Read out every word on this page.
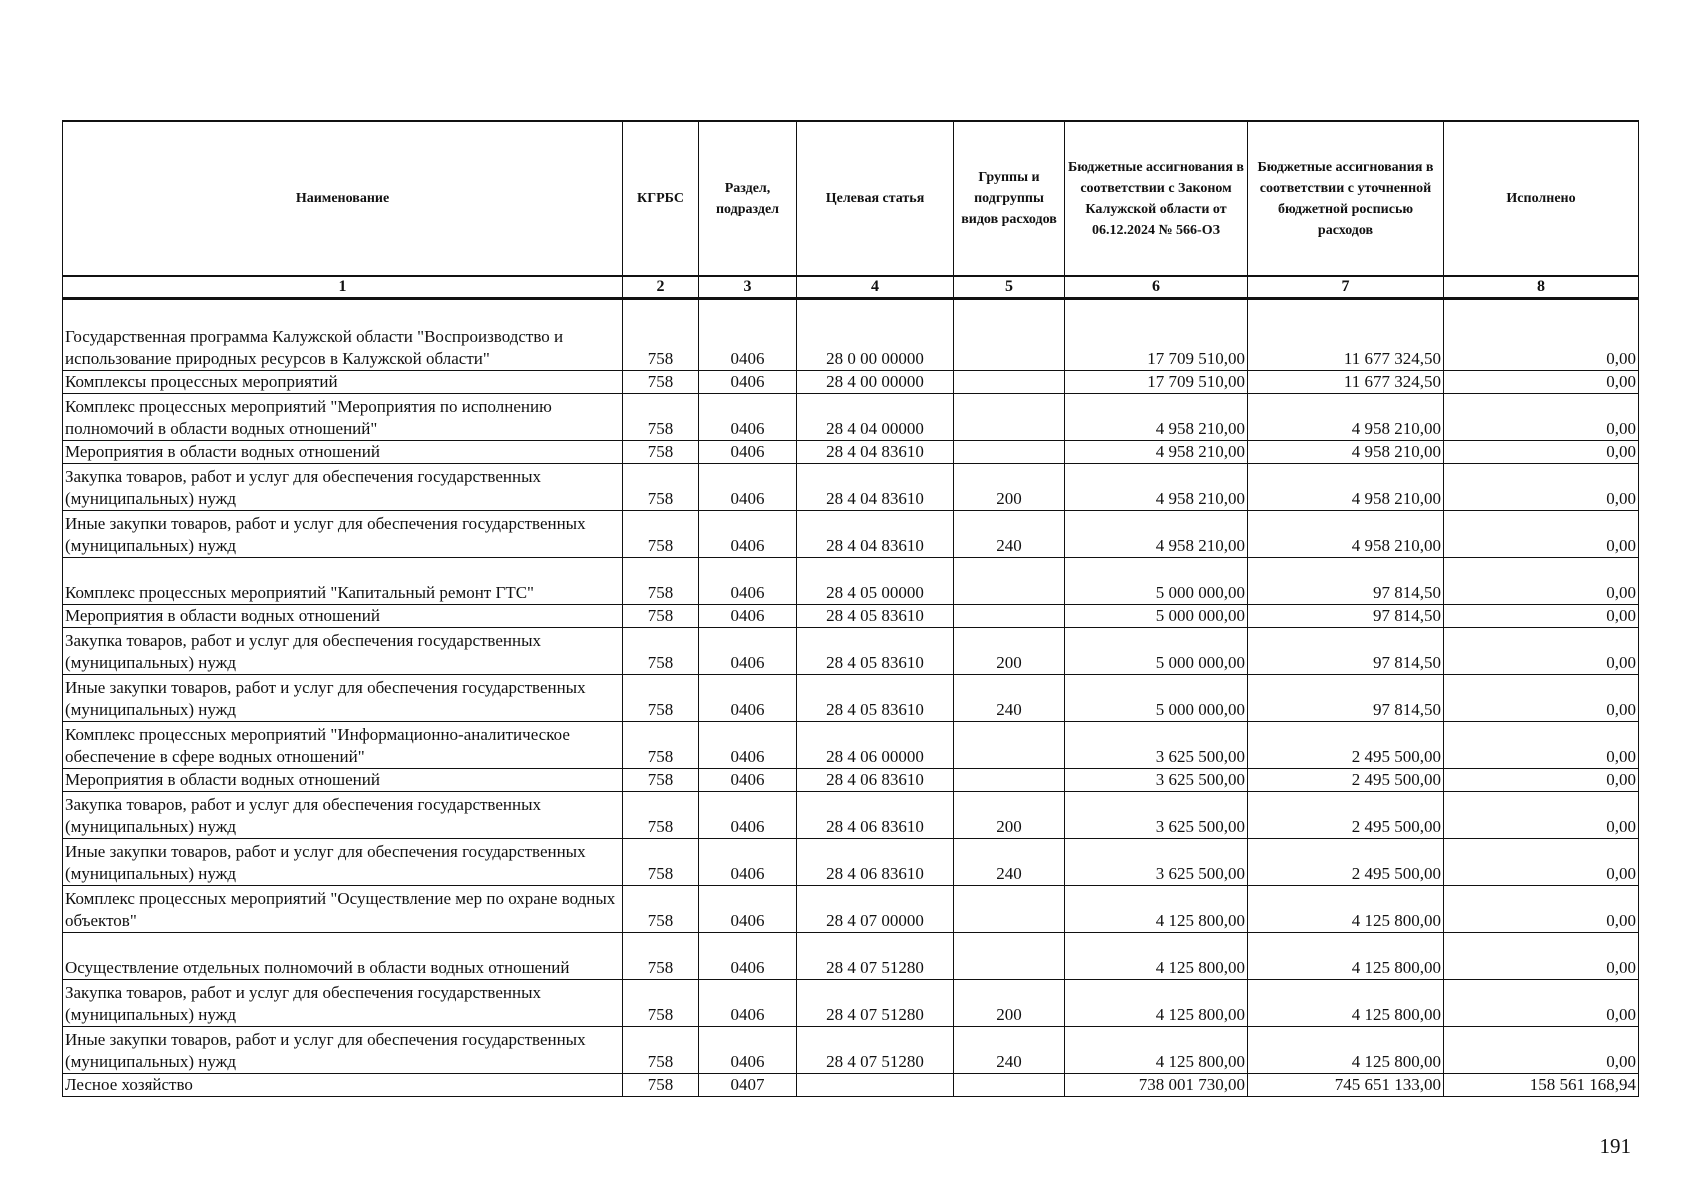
Наименование	КГРБС	Раздел, подраздел	Целевая статья	Группы и подгруппы видов расходов	Бюджетные ассигнования в соответствии с Законом Калужской области от 06.12.2024 № 566-ОЗ	Бюджетные ассигнования в соответствии с уточненной бюджетной росписью расходов	Исполнено
1	2	3	4	5	6	7	8
Государственная программа Калужской области "Воспроизводство и использование природных ресурсов в Калужской области"	758	0406	28 0 00 00000		17 709 510,00	11 677 324,50	0,00
Комплексы процессных мероприятий	758	0406	28 4 00 00000		17 709 510,00	11 677 324,50	0,00
Комплекс процессных мероприятий "Мероприятия по исполнению полномочий в области водных отношений"	758	0406	28 4 04 00000		4 958 210,00	4 958 210,00	0,00
Мероприятия в области водных отношений	758	0406	28 4 04 83610		4 958 210,00	4 958 210,00	0,00
Закупка товаров, работ и услуг для обеспечения государственных (муниципальных) нужд	758	0406	28 4 04 83610	200	4 958 210,00	4 958 210,00	0,00
Иные закупки товаров, работ и услуг для обеспечения государственных (муниципальных) нужд	758	0406	28 4 04 83610	240	4 958 210,00	4 958 210,00	0,00
Комплекс процессных мероприятий "Капитальный ремонт ГТС"	758	0406	28 4 05 00000		5 000 000,00	97 814,50	0,00
Мероприятия в области водных отношений	758	0406	28 4 05 83610		5 000 000,00	97 814,50	0,00
Закупка товаров, работ и услуг для обеспечения государственных (муниципальных) нужд	758	0406	28 4 05 83610	200	5 000 000,00	97 814,50	0,00
Иные закупки товаров, работ и услуг для обеспечения государственных (муниципальных) нужд	758	0406	28 4 05 83610	240	5 000 000,00	97 814,50	0,00
Комплекс процессных мероприятий "Информационно-аналитическое обеспечение в сфере водных отношений"	758	0406	28 4 06 00000		3 625 500,00	2 495 500,00	0,00
Мероприятия в области водных отношений	758	0406	28 4 06 83610		3 625 500,00	2 495 500,00	0,00
Закупка товаров, работ и услуг для обеспечения государственных (муниципальных) нужд	758	0406	28 4 06 83610	200	3 625 500,00	2 495 500,00	0,00
Иные закупки товаров, работ и услуг для обеспечения государственных (муниципальных) нужд	758	0406	28 4 06 83610	240	3 625 500,00	2 495 500,00	0,00
Комплекс процессных мероприятий "Осуществление мер по охране водных объектов"	758	0406	28 4 07 00000		4 125 800,00	4 125 800,00	0,00
Осуществление отдельных полномочий в области водных отношений	758	0406	28 4 07 51280		4 125 800,00	4 125 800,00	0,00
Закупка товаров, работ и услуг для обеспечения государственных (муниципальных) нужд	758	0406	28 4 07 51280	200	4 125 800,00	4 125 800,00	0,00
Иные закупки товаров, работ и услуг для обеспечения государственных (муниципальных) нужд	758	0406	28 4 07 51280	240	4 125 800,00	4 125 800,00	0,00
Лесное хозяйство	758	0407			738 001 730,00	745 651 133,00	158 561 168,94
191
